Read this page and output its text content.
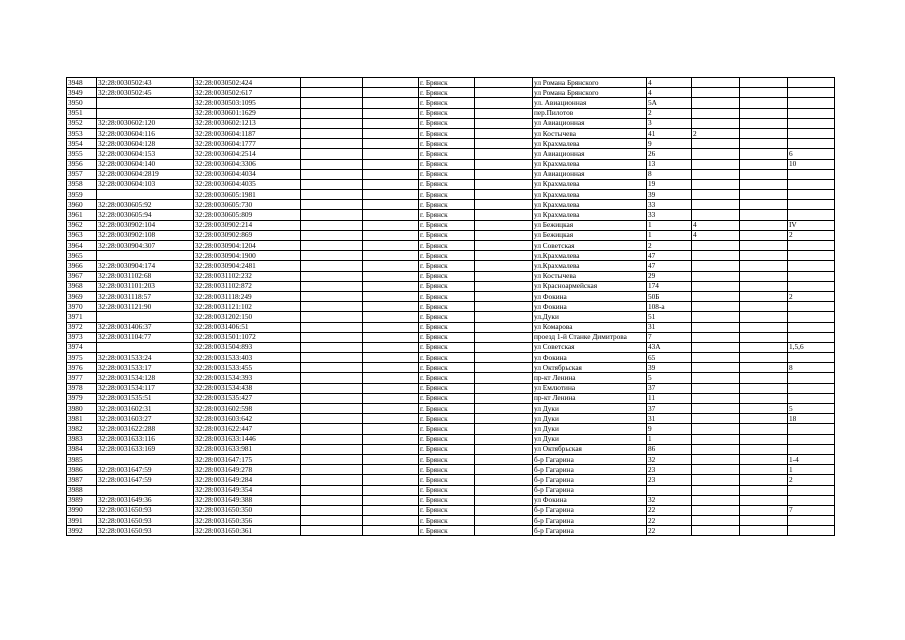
3948	32:28:0030502:43	32:28:0030502:424			г. Брянск		ул Романа Брянского	4			
3949	32:28:0030502:45	32:28:0030502:617			г. Брянск		ул Романа Брянского	4			
3950		32:28:0030503:1095			г. Брянск		ул. Авиационная	5А			
3951		32:28:0030601:1629			г. Брянск		пер.Пилотов	2			
3952	32:28:0030602:120	32:28:0030602:1213			г. Брянск		ул Авиационная	3			
3953	32:28:0030604:116	32:28:0030604:1187			г. Брянск		ул Костычева	41	2		
3954	32:28:0030604:128	32:28:0030604:1777			г. Брянск		ул Крахмалева	9			
3955	32:28:0030604:153	32:28:0030604:2514			г. Брянск		ул Авиационная	26			6
3956	32:28:0030604:140	32:28:0030604:3306			г. Брянск		ул Крахмалева	13			10
3957	32:28:0030604:2819	32:28:0030604:4034			г. Брянск		ул Авиационная	8			
3958	32:28:0030604:103	32:28:0030604:4035			г. Брянск		ул Крахмалева	19			
3959		32:28:0030605:1981			г. Брянск		ул Крахмалева	39			
3960	32:28:0030605:92	32:28:0030605:730			г. Брянск		ул Крахмалева	33			
3961	32:28:0030605:94	32:28:0030605:809			г. Брянск		ул Крахмалева	33			
3962	32:28:0030902:104	32:28:0030902:214			г. Брянск		ул Бежицкая	1	4		IV
3963	32:28:0030902:108	32:28:0030902:869			г. Брянск		ул Бежицкая	1	4		2
3964	32:28:0030904:307	32:28:0030904:1204			г. Брянск		ул Советская	2			
3965		32:28:0030904:1900			г. Брянск		ул.Крахмалева	47			
3966	32:28:0030904:174	32:28:0030904:2481			г. Брянск		ул.Крахмалева	47			
3967	32:28:0031102:68	32:28:0031102:232			г. Брянск		ул Костычева	29			
3968	32:28:0031101:203	32:28:0031102:872			г. Брянск		ул Красноармейская	174			
3969	32:28:0031118:57	32:28:0031118:249			г. Брянск		ул Фокина	50Б			2
3970	32:28:0031121:90	32:28:0031121:102			г. Брянск		ул Фокина	108-а			
3971		32:28:0031202:150			г. Брянск		ул.Дуки	51			
3972	32:28:0031406:37	32:28:0031406:51			г. Брянск		ул Комарова	31			
3973	32:28:0031104:77	32:28:0031501:1072			г. Брянск		проезд 1-й Станке Димитрова	7			
3974		32:28:0031504:893			г. Брянск		ул Советская	43А			1,5,6
3975	32:28:0031533:24	32:28:0031533:403			г. Брянск		ул Фокина	65			
3976	32:28:0031533:17	32:28:0031533:455			г. Брянск		ул Октябрьская	39			8
3977	32:28:0031534:128	32:28:0031534:393			г. Брянск		пр-кт Ленина	5			
3978	32:28:0031534:117	32:28:0031534:438			г. Брянск		ул Емлютина	37			
3979	32:28:0031535:51	32:28:0031535:427			г. Брянск		пр-кт Ленина	11			
3980	32:28:0031602:31	32:28:0031602:598			г. Брянск		ул Дуки	37			5
3981	32:28:0031603:27	32:28:0031603:642			г. Брянск		ул Дуки	31			18
3982	32:28:0031622:288	32:28:0031622:447			г. Брянск		ул Дуки	9			
3983	32:28:0031633:116	32:28:0031633:1446			г. Брянск		ул Дуки	1			
3984	32:28:0031633:169	32:28:0031633:981			г. Брянск		ул Октябрьская	86			
3985		32:28:0031647:175			г. Брянск		б-р Гагарина	32			1-4
3986	32:28:0031647:59	32:28:0031649:278			г. Брянск		б-р Гагарина	23			1
3987	32:28:0031647:59	32:28:0031649:284			г. Брянск		б-р Гагарина	23			2
3988		32:28:0031649:354			г. Брянск		б-р Гагарина				
3989	32:28:0031649:36	32:28:0031649:388			г. Брянск		ул Фокина	32			
3990	32:28:0031650:93	32:28:0031650:350			г. Брянск		б-р Гагарина	22			7
3991	32:28:0031650:93	32:28:0031650:356			г. Брянск		б-р Гагарина	22			
3992	32:28:0031650:93	32:28:0031650:361			г. Брянск		б-р Гагарина	22			
